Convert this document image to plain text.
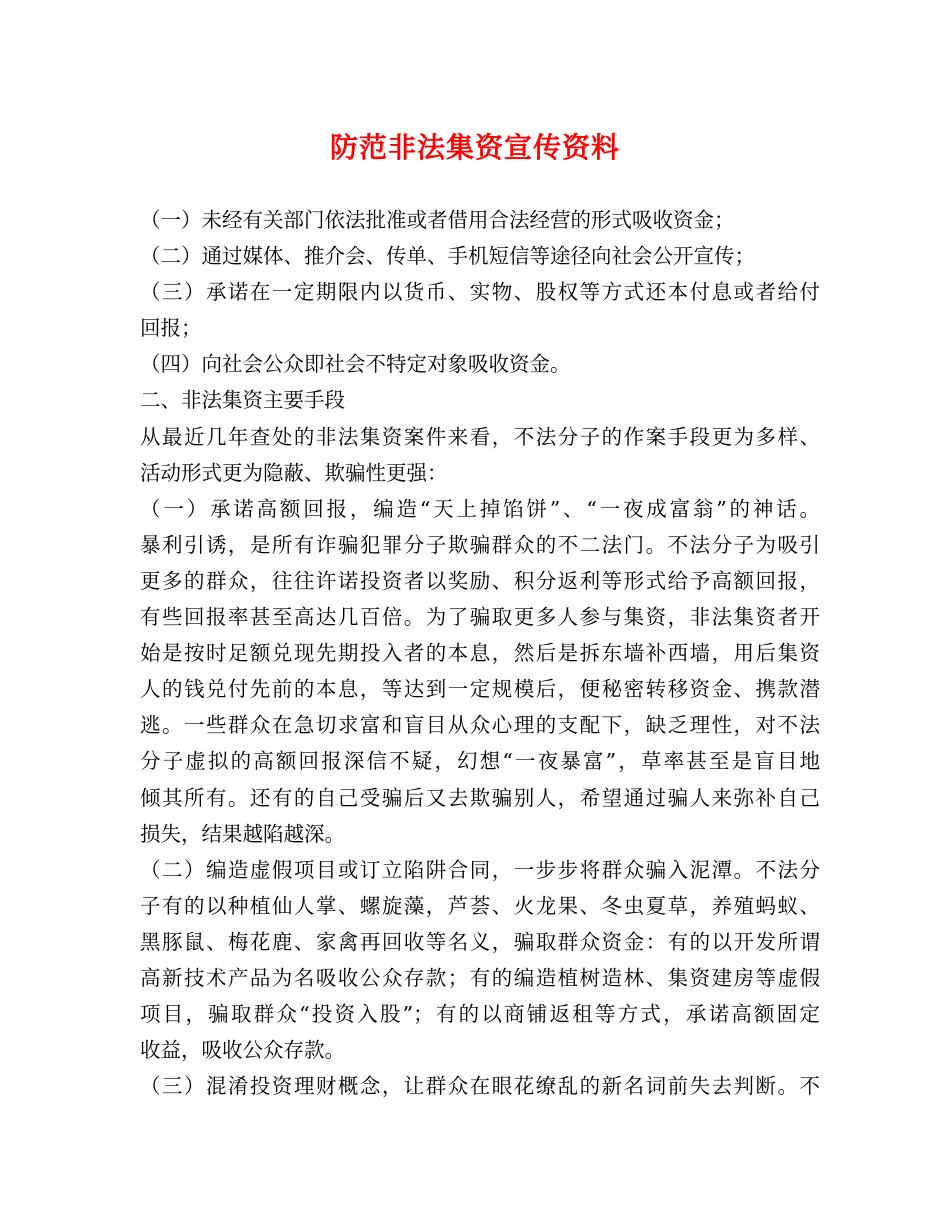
防范非法集资宣传资料
（一）未经有关部门依法批准或者借用合法经营的形式吸收资金；
（二）通过媒体、推介会、传单、手机短信等途径向社会公开宣传；
（三）承诺在一定期限内以货币、实物、股权等方式还本付息或者给付
回报；
（四）向社会公众即社会不特定对象吸收资金。
二、非法集资主要手段
从最近几年查处的非法集资案件来看，不法分子的作案手段更为多样、
活动形式更为隐蔽、欺骗性更强：
（一）承诺高额回报，编造“天上掉馅饼”、“一夜成富翁”的神话。
暴利引诱，是所有诈骗犯罪分子欺骗群众的不二法门。不法分子为吸引
更多的群众，往往许诺投资者以奖励、积分返利等形式给予高额回报，
有些回报率甚至高达几百倍。为了骗取更多人参与集资，非法集资者开
始是按时足额兑现先期投入者的本息，然后是拆东墙补西墙，用后集资
人的钱兑付先前的本息，等达到一定规模后，便秘密转移资金、携款潜
逃。一些群众在急切求富和盲目从众心理的支配下，缺乏理性，对不法
分子虚拟的高额回报深信不疑，幻想“一夜暴富”，草率甚至是盲目地
倾其所有。还有的自己受骗后又去欺骗别人，希望通过骗人来弥补自己
损失，结果越陷越深。
（二）编造虚假项目或订立陷阱合同，一步步将群众骗入泥潭。不法分
子有的以种植仙人掌、螺旋藻，芦荟、火龙果、冬虫夏草，养殖蚂蚁、
黑豚鼠、梅花鹿、家禽再回收等名义，骗取群众资金：有的以开发所谓
高新技术产品为名吸收公众存款；有的编造植树造林、集资建房等虚假
项目，骗取群众“投资入股”；有的以商铺返租等方式，承诺高额固定
收益，吸收公众存款。
（三）混淆投资理财概念，让群众在眼花缭乱的新名词前失去判断。不
